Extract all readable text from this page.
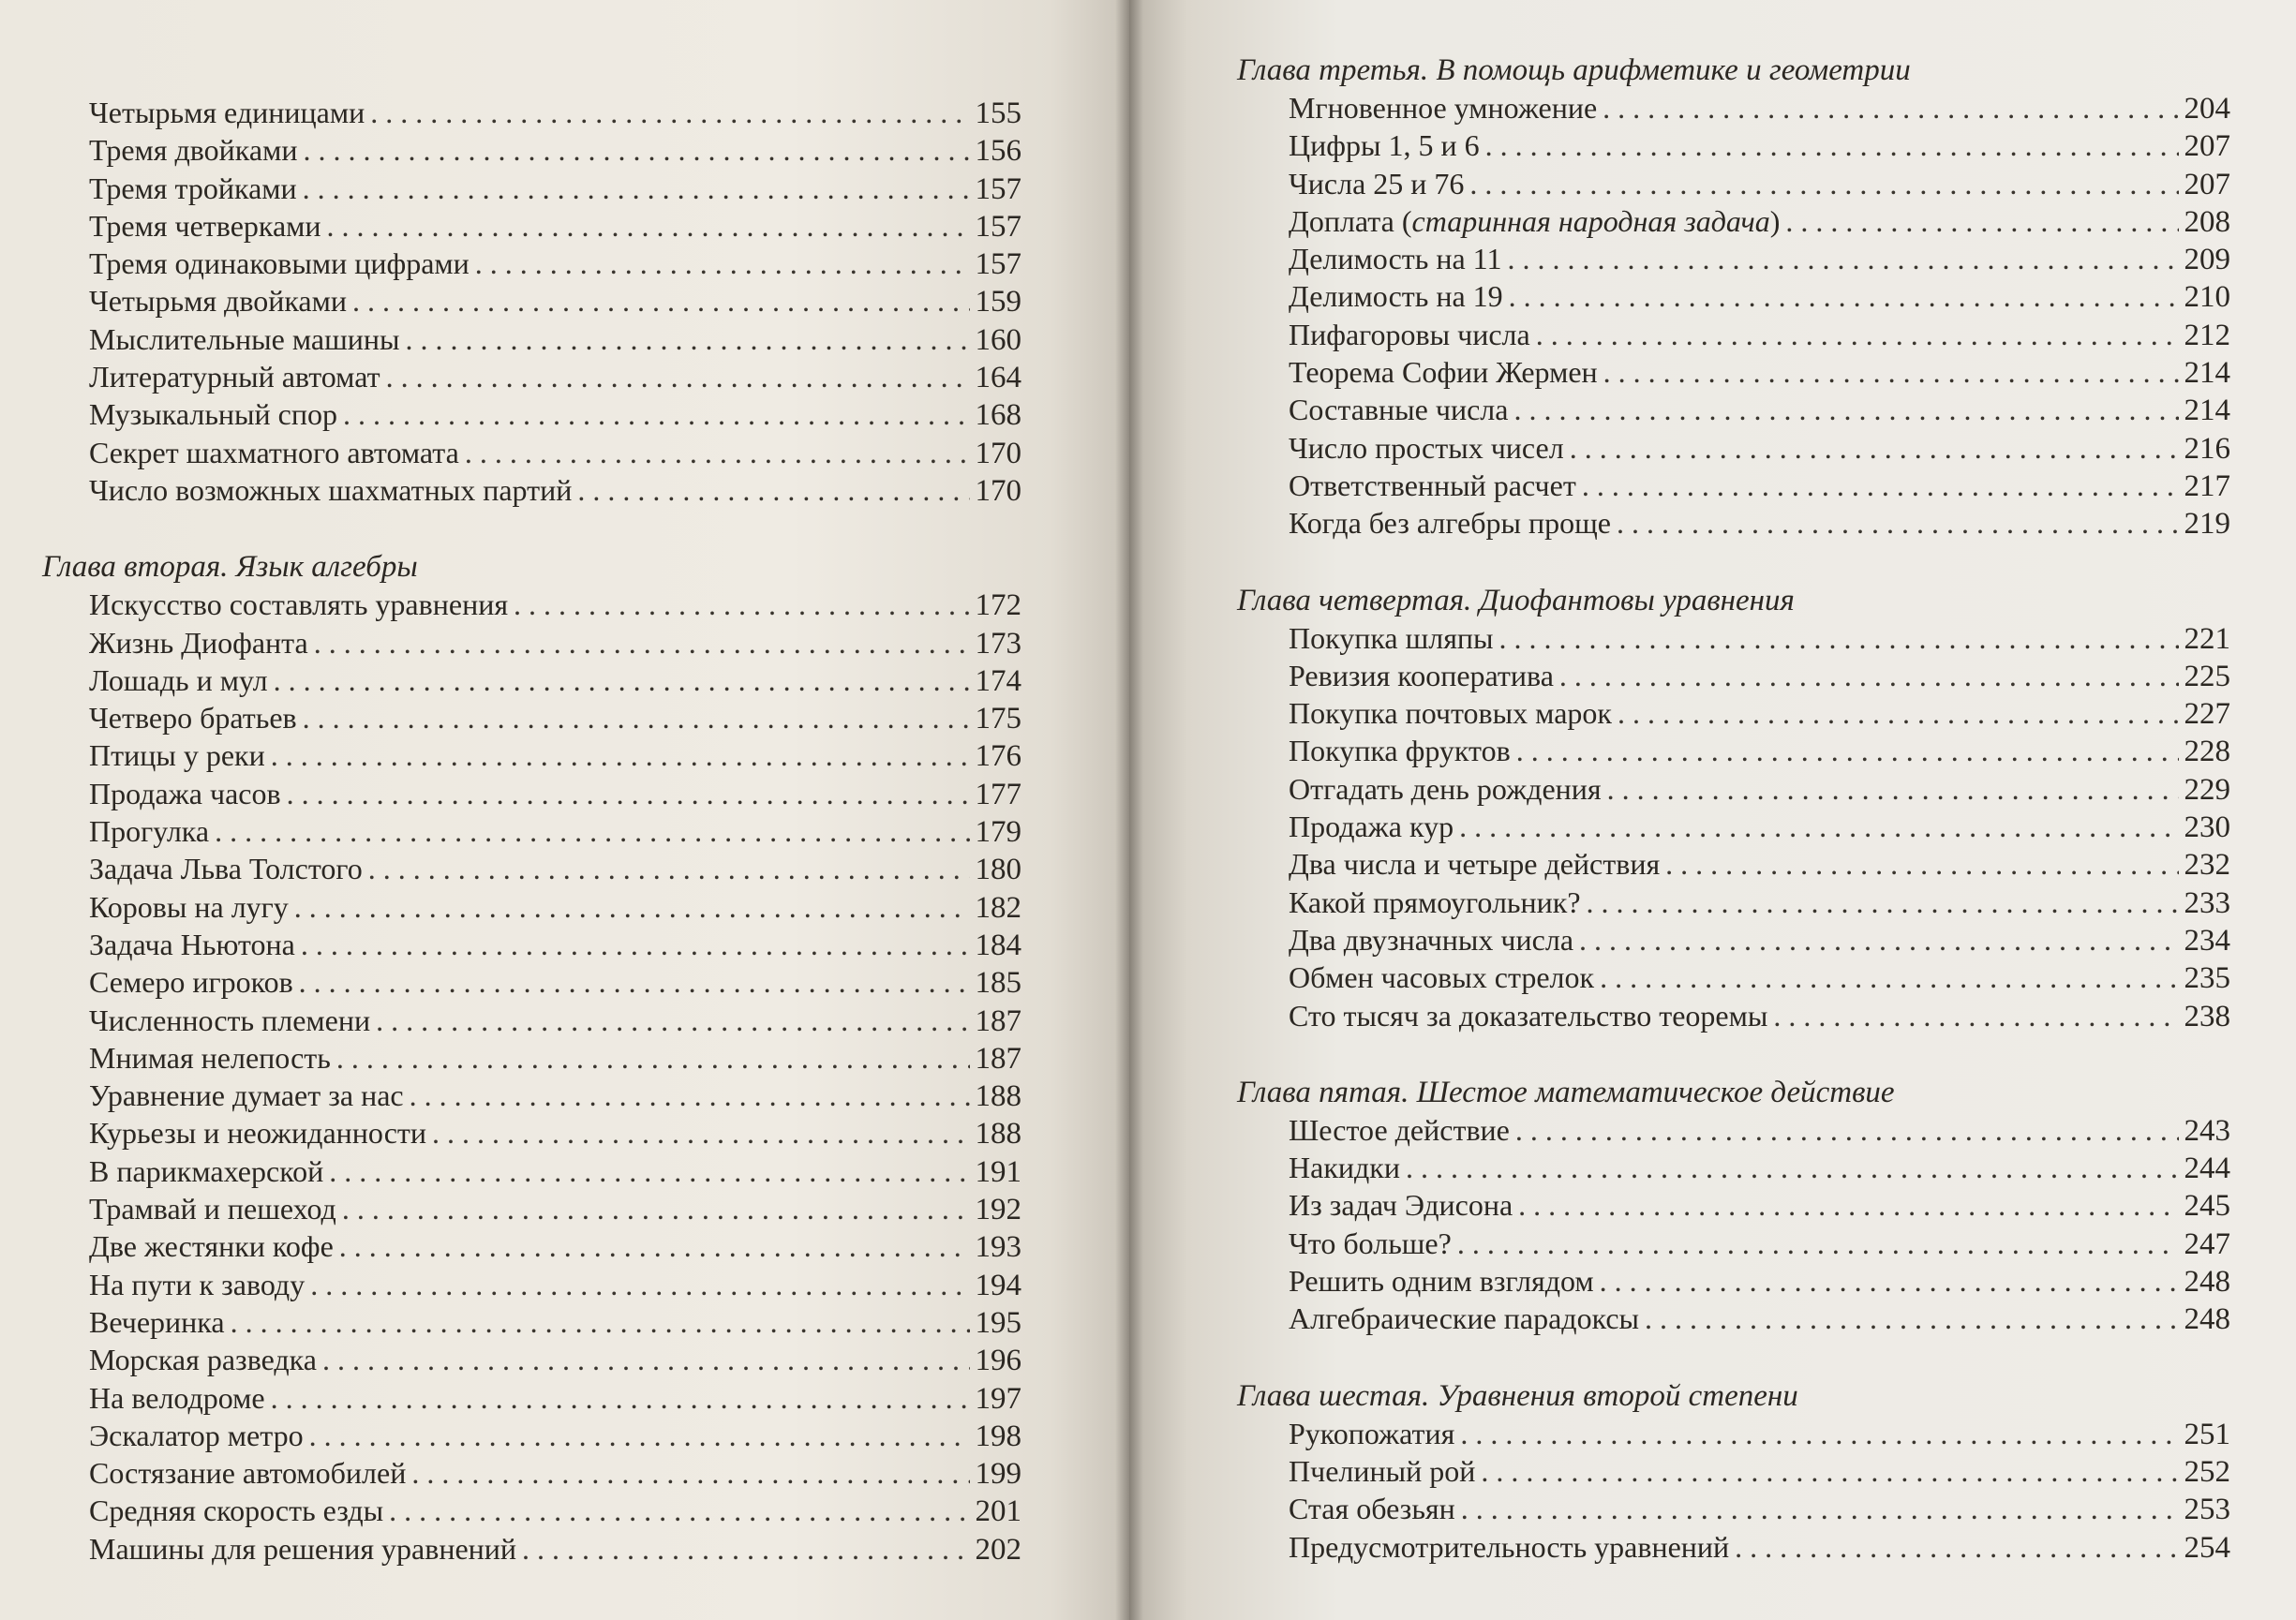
Четырьмя единицами . . .	155
Тремя двойками . . .	156
Тремя тройками . . .	157
Тремя четверками . . .	157
Тремя одинаковыми цифрами . . .	157
Четырьмя двойками . . .	159
Мыслительные машины . . .	160
Литературный автомат . . .	164
Музыкальный спор . . .	168
Секрет шахматного автомата . . .	170
Число возможных шахматных партий . . .	170
Глава вторая. Язык алгебры
Искусство составлять уравнения . . .	172
Жизнь Диофанта . . .	173
Лошадь и мул . . .	174
Четверо братьев . . .	175
Птицы у реки . . .	176
Продажа часов . . .	177
Прогулка . . .	179
Задача Льва Толстого . . .	180
Коровы на лугу . . .	182
Задача Ньютона . . .	184
Семеро игроков . . .	185
Численность племени . . .	187
Мнимая нелепость . . .	187
Уравнение думает за нас . . .	188
Курьезы и неожиданности . . .	188
В парикмахерской . . .	191
Трамвай и пешеход . . .	192
Две жестянки кофе . . .	193
На пути к заводу . . .	194
Вечеринка . . .	195
Морская разведка . . .	196
На велодроме . . .	197
Эскалатор метро . . .	198
Состязание автомобилей . . .	199
Средняя скорость езды . . .	201
Машины для решения уравнений . . .	202
Глава третья. В помощь арифметике и геометрии
Мгновенное умножение . . .	204
Цифры 1, 5 и 6 . . .	207
Числа 25 и 76 . . .	207
Доплата (старинная народная задача) . . .	208
Делимость на 11 . . .	209
Делимость на 19 . . .	210
Пифагоровы числа . . .	212
Теорема Софии Жермен . . .	214
Составные числа . . .	214
Число простых чисел . . .	216
Ответственный расчет . . .	217
Когда без алгебры проще . . .	219
Глава четвертая. Диофантовы уравнения
Покупка шляпы . . .	221
Ревизия кооператива . . .	225
Покупка почтовых марок . . .	227
Покупка фруктов . . .	228
Отгадать день рождения . . .	229
Продажа кур . . .	230
Два числа и четыре действия . . .	232
Какой прямоугольник? . . .	233
Два двузначных числа . . .	234
Обмен часовых стрелок . . .	235
Сто тысяч за доказательство теоремы . . .	238
Глава пятая. Шестое математическое действие
Шестое действие . . .	243
Накидки . . .	244
Из задач Эдисона . . .	245
Что больше? . . .	247
Решить одним взглядом . . .	248
Алгебраические парадоксы . . .	248
Глава шестая. Уравнения второй степени
Рукопожатия . . .	251
Пчелиный рой . . .	252
Стая обезьян . . .	253
Предусмотрительность уравнений . . .	254
